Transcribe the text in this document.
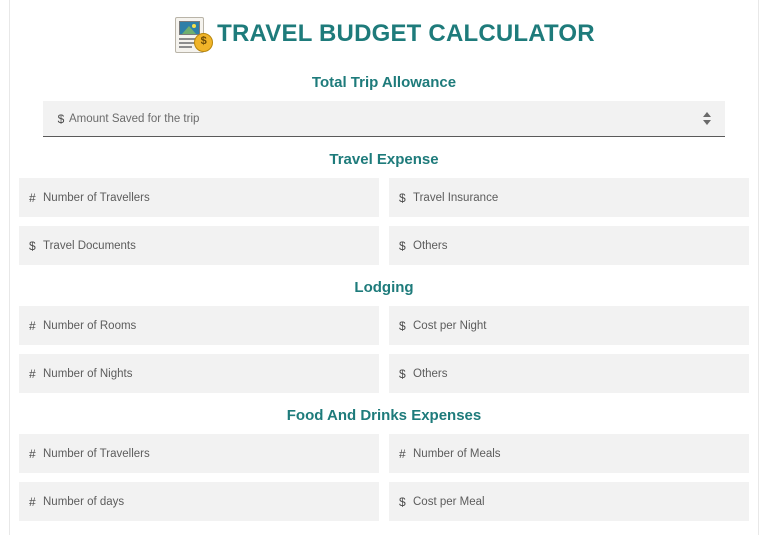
$ TRAVEL BUDGET CALCULATOR
Total Trip Allowance
$ Amount Saved for the trip
Travel Expense
# Number of Travellers	$ Travel Insurance
$ Travel Documents	$ Others
Lodging
# Number of Rooms	$ Cost per Night
# Number of Nights	$ Others
Food And Drinks Expenses
# Number of Travellers	# Number of Meals
# Number of days	$ Cost per Meal
